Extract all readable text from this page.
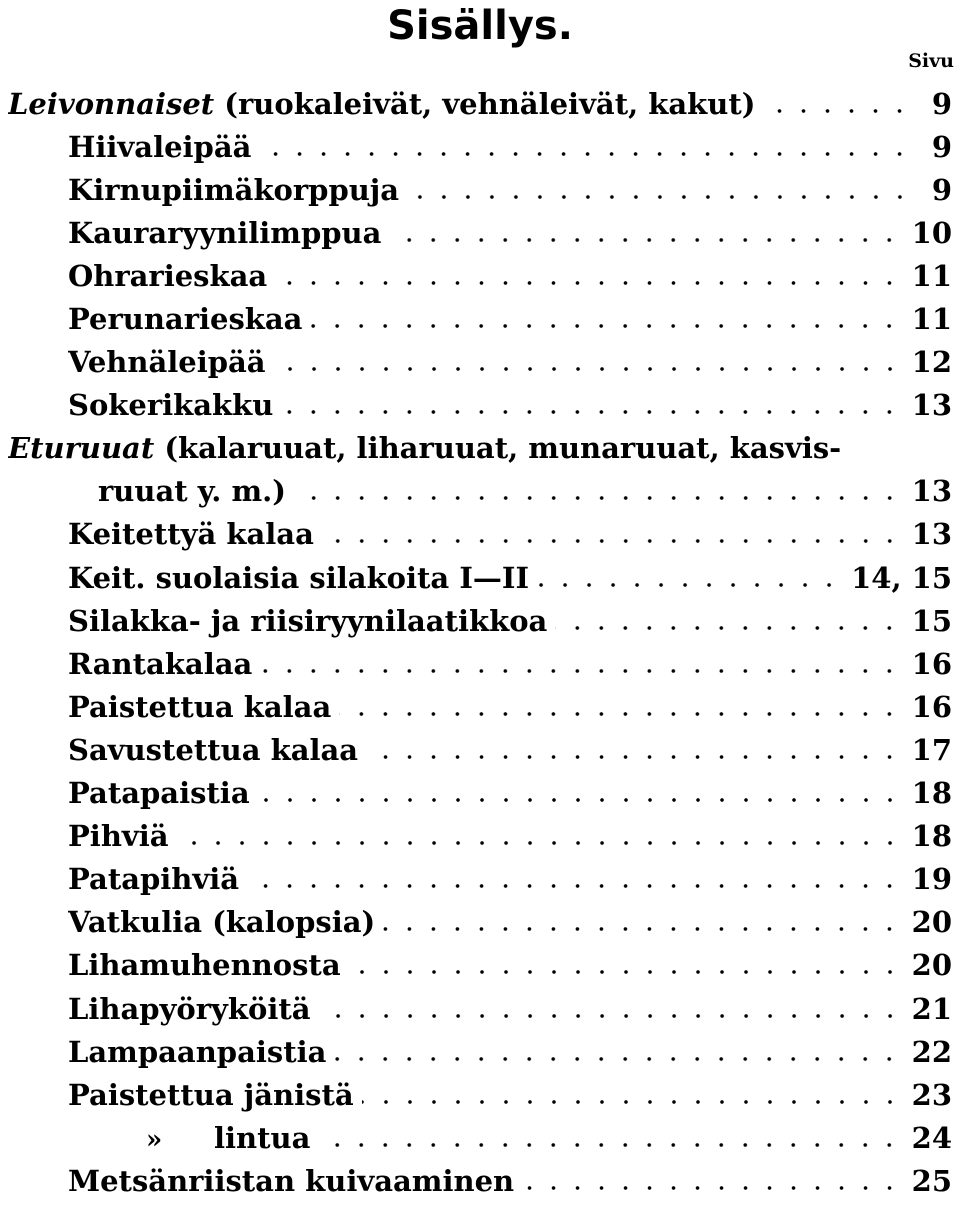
Sisällys.
Sivu
Leivonnaiset (ruokaleivät, vehnäleivät, kakut)	9
Hiivaleipää	9
Kirnupiimäkorppuja	9
Kauraryynilimppua	10
Ohrarieskaa	11
Perunarieskaa	11
Vehnäleipää	12
Sokerikakku	13
Eturuuat (kalaruuat, liharuuat, munaruuat, kasvis-
ruuat y. m.)	13
Keitettyä kalaa	13
Keit. suolaisia silakoita I—II	14, 15
Silakka- ja riisiryynilaatikkoa	15
Rantakalaa	16
Paistettua kalaa	16
Savustettua kalaa	17
Patapaistia	18
Pihviä	18
Patapihviä	19
Vatkulia (kalopsia)	20
Lihamuhennosta	20
Lihapyöryköitä	21
Lampaanpaistia	22
Paistettua jänistä	23
» lintua	24
Metsänriistan kuivaaminen	25
